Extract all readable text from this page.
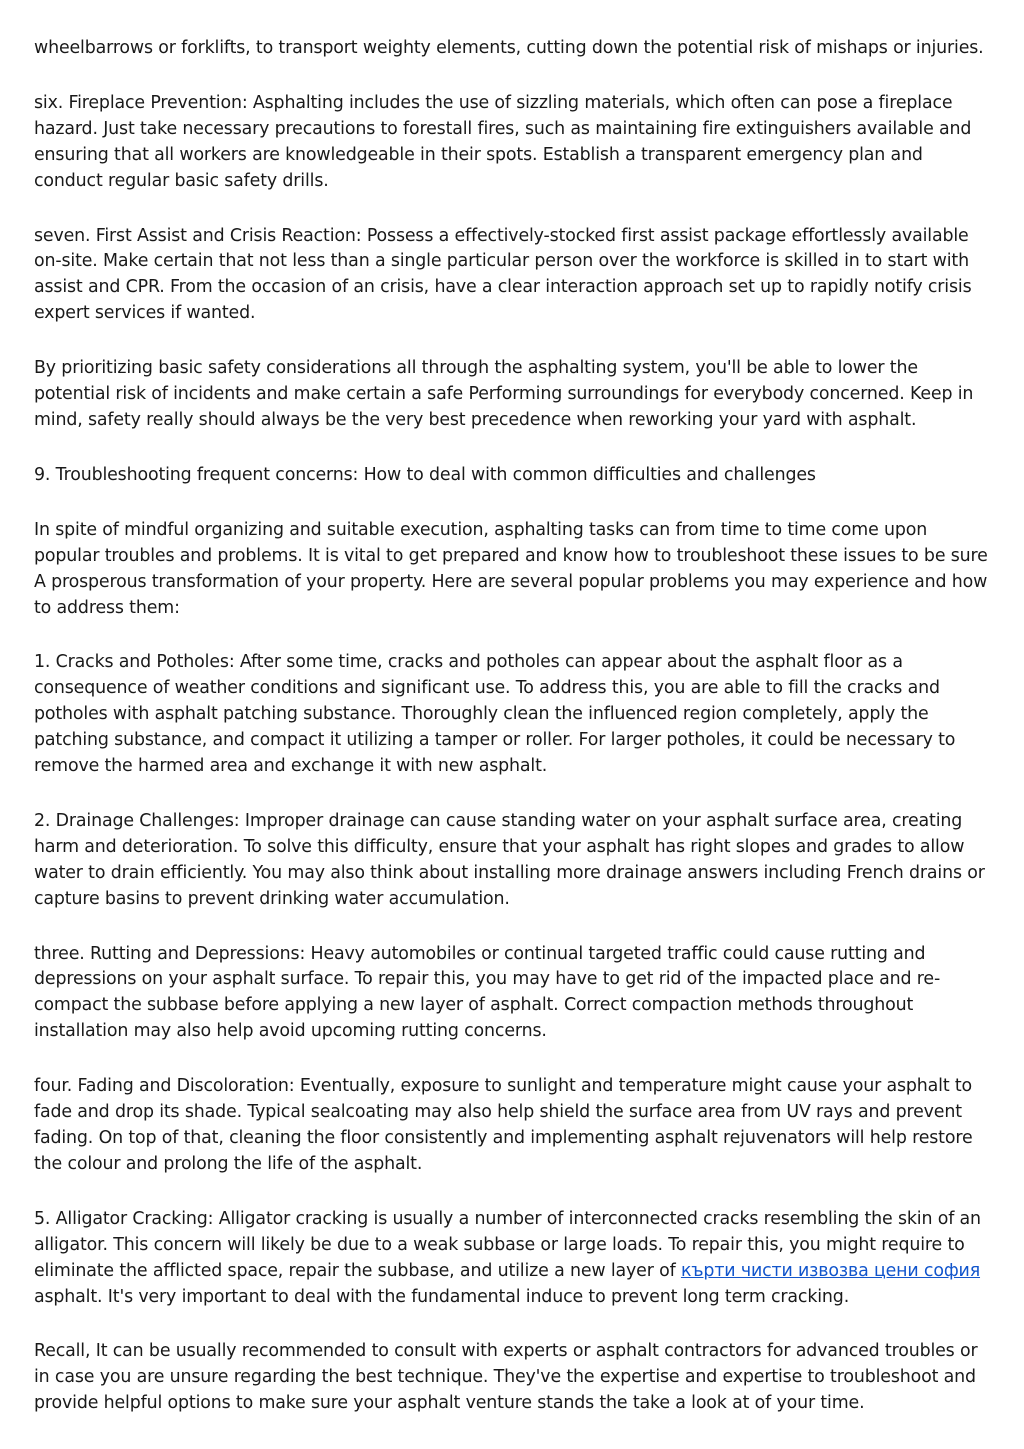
wheelbarrows or forklifts, to transport weighty elements, cutting down the potential risk of mishaps or injuries.

six. Fireplace Prevention: Asphalting includes the use of sizzling materials, which often can pose a fireplace hazard. Just take necessary precautions to forestall fires, such as maintaining fire extinguishers available and ensuring that all workers are knowledgeable in their spots. Establish a transparent emergency plan and conduct regular basic safety drills.

seven. First Assist and Crisis Reaction: Possess a effectively-stocked first assist package effortlessly available on-site. Make certain that not less than a single particular person over the workforce is skilled in to start with assist and CPR. From the occasion of an crisis, have a clear interaction approach set up to rapidly notify crisis expert services if wanted.

By prioritizing basic safety considerations all through the asphalting system, you'll be able to lower the potential risk of incidents and make certain a safe Performing surroundings for everybody concerned. Keep in mind, safety really should always be the very best precedence when reworking your yard with asphalt.

9. Troubleshooting frequent concerns: How to deal with common difficulties and challenges

In spite of mindful organizing and suitable execution, asphalting tasks can from time to time come upon popular troubles and problems. It is vital to get prepared and know how to troubleshoot these issues to be sure A prosperous transformation of your property. Here are several popular problems you may experience and how to address them:

1. Cracks and Potholes: After some time, cracks and potholes can appear about the asphalt floor as a consequence of weather conditions and significant use. To address this, you are able to fill the cracks and potholes with asphalt patching substance. Thoroughly clean the influenced region completely, apply the patching substance, and compact it utilizing a tamper or roller. For larger potholes, it could be necessary to remove the harmed area and exchange it with new asphalt.

2. Drainage Challenges: Improper drainage can cause standing water on your asphalt surface area, creating harm and deterioration. To solve this difficulty, ensure that your asphalt has right slopes and grades to allow water to drain efficiently. You may also think about installing more drainage answers including French drains or capture basins to prevent drinking water accumulation.

three. Rutting and Depressions: Heavy automobiles or continual targeted traffic could cause rutting and depressions on your asphalt surface. To repair this, you may have to get rid of the impacted place and re-compact the subbase before applying a new layer of asphalt. Correct compaction methods throughout installation may also help avoid upcoming rutting concerns.

four. Fading and Discoloration: Eventually, exposure to sunlight and temperature might cause your asphalt to fade and drop its shade. Typical sealcoating may also help shield the surface area from UV rays and prevent fading. On top of that, cleaning the floor consistently and implementing asphalt rejuvenators will help restore the colour and prolong the life of the asphalt.

5. Alligator Cracking: Alligator cracking is usually a number of interconnected cracks resembling the skin of an alligator. This concern will likely be due to a weak subbase or large loads. To repair this, you might require to eliminate the afflicted space, repair the subbase, and utilize a new layer of кърти чисти извозва цени софия asphalt. It's very important to deal with the fundamental induce to prevent long term cracking.

Recall, It can be usually recommended to consult with experts or asphalt contractors for advanced troubles or in case you are unsure regarding the best technique. They've the expertise and expertise to troubleshoot and provide helpful options to make sure your asphalt venture stands the take a look at of your time.
